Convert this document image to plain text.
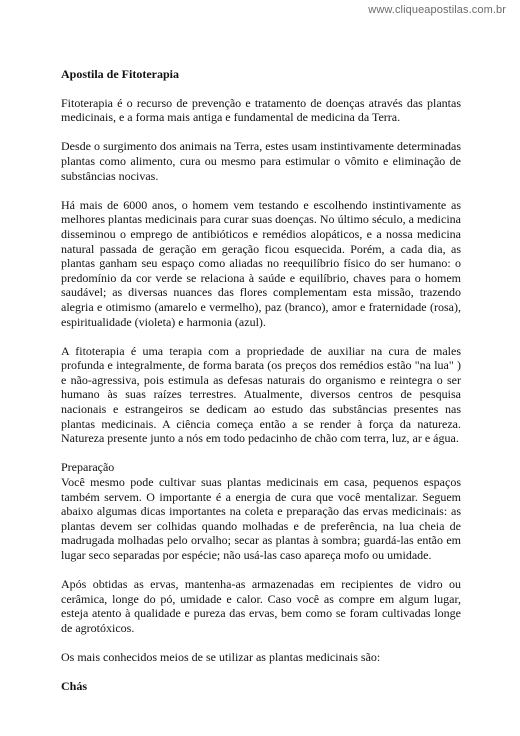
www.cliqueapostilas.com.br

Apostila de Fitoterapia

Fitoterapia é o recurso de prevenção e tratamento de doenças através das plantas medicinais, e a forma mais antiga e fundamental de medicina da Terra.

Desde o surgimento dos animais na Terra, estes usam instintivamente determinadas plantas como alimento, cura ou mesmo para estimular o vômito e eliminação de substâncias nocivas.

Há mais de 6000 anos, o homem vem testando e escolhendo instintivamente as melhores plantas medicinais para curar suas doenças. No último século, a medicina disseminou o emprego de antibióticos e remédios alopáticos, e a nossa medicina natural passada de geração em geração ficou esquecida. Porém, a cada dia, as plantas ganham seu espaço como aliadas no reequilíbrio físico do ser humano: o predomínio da cor verde se relaciona à saúde e equilíbrio, chaves para o homem saudável; as diversas nuances das flores complementam esta missão, trazendo alegria e otimismo (amarelo e vermelho), paz (branco), amor e fraternidade (rosa), espiritualidade (violeta) e harmonia (azul).

A fitoterapia é uma terapia com a propriedade de auxiliar na cura de males profunda e integralmente, de forma barata (os preços dos remédios estão "na lua" ) e não-agressiva, pois estimula as defesas naturais do organismo e reintegra o ser humano às suas raízes terrestres. Atualmente, diversos centros de pesquisa nacionais e estrangeiros se dedicam ao estudo das substâncias presentes nas plantas medicinais. A ciência começa então a se render à força da natureza. Natureza presente junto a nós em todo pedacinho de chão com terra, luz, ar e água.

Preparação

Você mesmo pode cultivar suas plantas medicinais em casa, pequenos espaços também servem. O importante é a energia de cura que você mentalizar. Seguem abaixo algumas dicas importantes na coleta e preparação das ervas medicinais: as plantas devem ser colhidas quando molhadas e de preferência, na lua cheia de madrugada molhadas pelo orvalho; secar as plantas à sombra; guardá-las então em lugar seco separadas por espécie; não usá-las caso apareça mofo ou umidade.

Após obtidas as ervas, mantenha-as armazenadas em recipientes de vidro ou cerâmica, longe do pó, umidade e calor. Caso você as compre em algum lugar, esteja atento à qualidade e pureza das ervas, bem como se foram cultivadas longe de agrotóxicos.

Os mais conhecidos meios de se utilizar as plantas medicinais são:

Chás
